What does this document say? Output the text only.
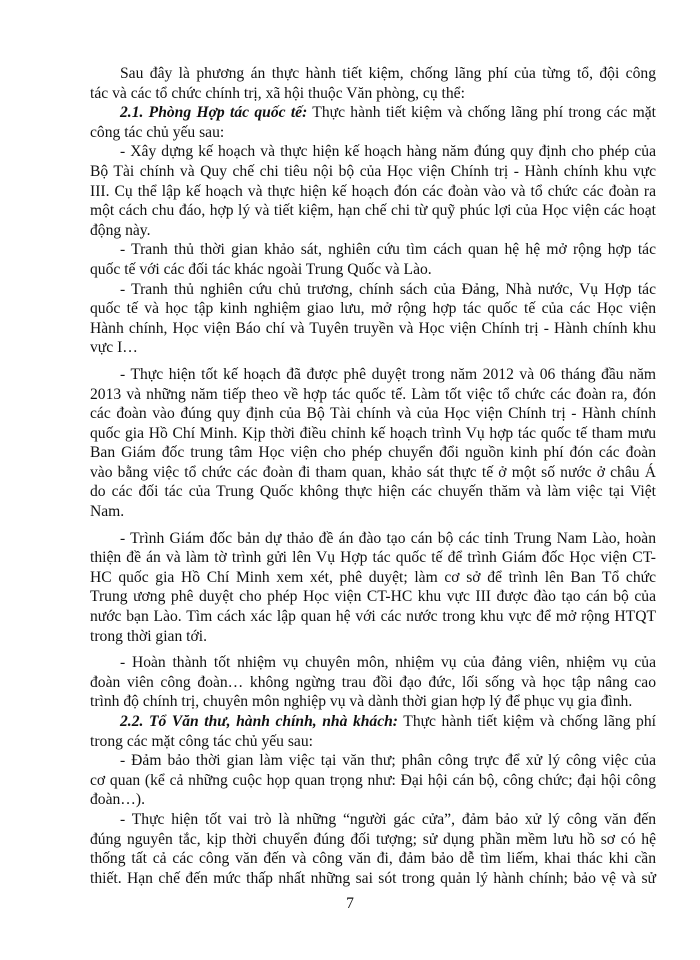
Sau đây là phương án thực hành tiết kiệm, chống lãng phí của từng tổ, đội công
tác và các tổ chức chính trị, xã hội thuộc Văn phòng, cụ thể:
2.1. Phòng Hợp tác quốc tế: Thực hành tiết kiệm và chống lãng phí trong các mặt
công tác chủ yếu sau:
- Xây dựng kế hoạch và thực hiện kế hoạch hàng năm đúng quy định cho phép của
Bộ Tài chính và Quy chế chi tiêu nội bộ của Học viện Chính trị - Hành chính khu vực
III. Cụ thể lập kế hoạch và thực hiện kế hoạch đón các đoàn vào và tổ chức các đoàn ra
một cách chu đáo, hợp lý và tiết kiệm, hạn chế chi từ quỹ phúc lợi của Học viện các hoạt
động này.
- Tranh thủ thời gian khảo sát, nghiên cứu tìm cách quan hệ hệ mở rộng hợp tác
quốc tế với các đối tác khác ngoài Trung Quốc và Lào.
- Tranh thủ nghiên cứu chủ trương, chính sách của Đảng, Nhà nước, Vụ Hợp tác
quốc tế và học tập kinh nghiệm giao lưu, mở rộng hợp tác quốc tế của các Học viện
Hành chính, Học viện Báo chí và Tuyên truyền và Học viện Chính trị - Hành chính khu
vực I…
- Thực hiện tốt kế hoạch đã được phê duyệt trong năm 2012 và 06 tháng đầu năm
2013 và những năm tiếp theo về hợp tác quốc tế. Làm tốt việc tổ chức các đoàn ra, đón
các đoàn vào đúng quy định của Bộ Tài chính và của Học viện Chính trị - Hành chính
quốc gia Hồ Chí Minh. Kịp thời điều chỉnh kế hoạch trình Vụ hợp tác quốc tế tham mưu
Ban Giám đốc trung tâm Học viện cho phép chuyển đổi nguồn kinh phí đón các đoàn
vào bằng việc tổ chức các đoàn đi tham quan, khảo sát thực tế ở một số nước ở châu Á
do các đối tác của Trung Quốc không thực hiện các chuyến thăm và làm việc tại Việt
Nam.
- Trình Giám đốc bản dự thảo đề án đào tạo cán bộ các tỉnh Trung Nam Lào, hoàn
thiện đề án và làm tờ trình gửi lên Vụ Hợp tác quốc tế để trình Giám đốc Học viện CT-
HC quốc gia Hồ Chí Minh xem xét, phê duyệt; làm cơ sở để trình lên Ban Tổ chức
Trung ương phê duyệt cho phép Học viện CT-HC khu vực III được đào tạo cán bộ của
nước bạn Lào. Tìm cách xác lập quan hệ với các nước trong khu vực để mở rộng HTQT
trong thời gian tới.
- Hoàn thành tốt nhiệm vụ chuyên môn, nhiệm vụ của đảng viên, nhiệm vụ của
đoàn viên công đoàn… không ngừng trau đồi đạo đức, lối sống và học tập nâng cao
trình độ chính trị, chuyên môn nghiệp vụ và dành thời gian hợp lý để phục vụ gia đình.
2.2. Tổ Văn thư, hành chính, nhà khách: Thực hành tiết kiệm và chống lãng phí
trong các mặt công tác chủ yếu sau:
- Đảm bảo thời gian làm việc tại văn thư; phân công trực để xử lý công việc của
cơ quan (kể cả những cuộc họp quan trọng như: Đại hội cán bộ, công chức; đại hội công
đoàn…).
- Thực hiện tốt vai trò là những “người gác cửa”, đảm bảo xử lý công văn đến
đúng nguyên tắc, kịp thời chuyển đúng đối tượng; sử dụng phần mềm lưu hồ sơ có hệ
thống tất cả các công văn đến và công văn đi, đảm bảo dễ tìm liếm, khai thác khi cần
thiết. Hạn chế đến mức thấp nhất những sai sót trong quản lý hành chính; bảo vệ và sử
7
